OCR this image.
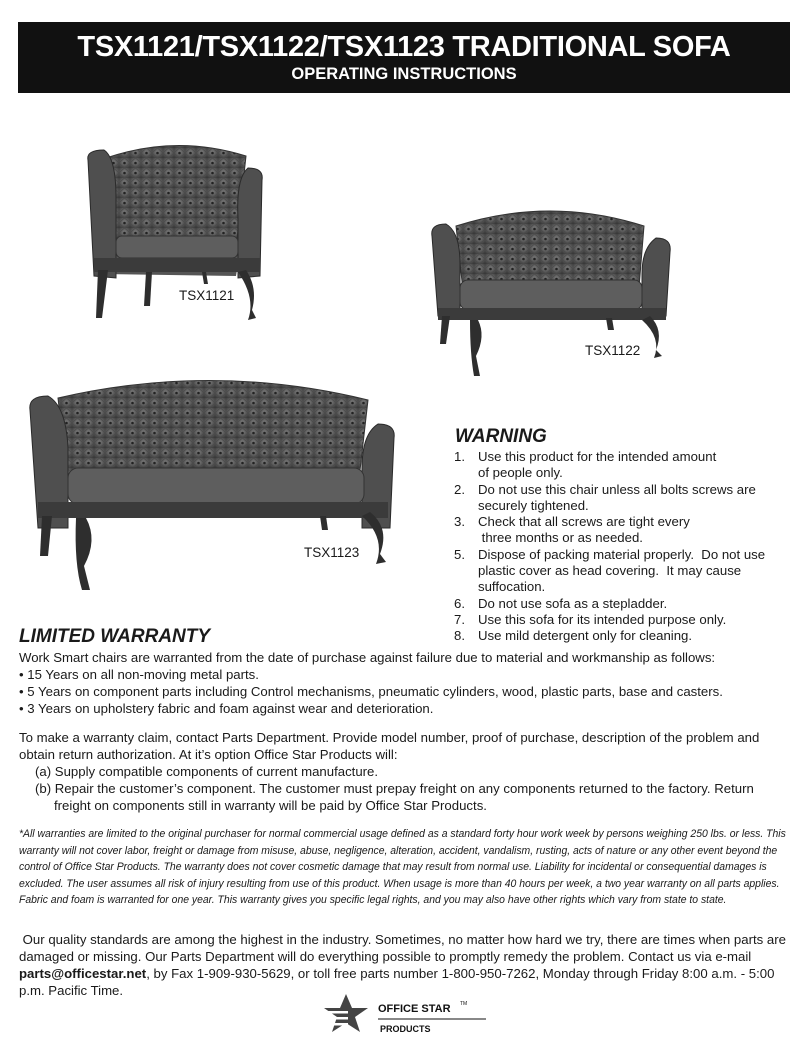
TSX1121/TSX1122/TSX1123 TRADITIONAL SOFA
OPERATING INSTRUCTIONS
TSX1121
TSX1122
TSX1123
WARNING
1. Use this product for the intended amount
of people only.
2. Do not use this chair unless all bolts screws are
securely tightened.
3. Check that all screws are tight every
three months or as needed.
5. Dispose of packing material properly.  Do not use
plastic cover as head covering.  It may cause
suffocation.
6. Do not use sofa as a stepladder.
7. Use this sofa for its intended purpose only.
8. Use mild detergent only for cleaning.
LIMITED WARRANTY

Work Smart chairs are warranted from the date of purchase against failure due to material and workmanship as follows:

• 15 Years on all non-moving metal parts.
• 5 Years on component parts including Control mechanisms, pneumatic cylinders, wood, plastic parts, base and casters.
• 3 Years on upholstery fabric and foam against wear and deterioration.

To make a warranty claim, contact Parts Department. Provide model number, proof of purchase, description of the problem and obtain return authorization. At it’s option Office Star Products will:

(a) Supply compatible components of current manufacture.

(b) Repair the customer’s component. The customer must prepay freight on any components returned to the factory. Return

freight on components still in warranty will be paid by Office Star Products.

*All warranties are limited to the original purchaser for normal commercial usage defined as a standard forty hour work week by persons weighing 250 lbs. or less. This warranty will not cover labor, freight or damage from misuse, abuse, negligence, alteration, accident, vandalism, rusting, acts of nature or any other event beyond the control of Office Star Products. The warranty does not cover cosmetic damage that may result from normal use. Liability for incidental or consequential damages is excluded. The user assumes all risk of injury resulting from use of this product. When usage is more than 40 hours per week, a two year warranty on all parts applies. Fabric and foam is warranted for one year. This warranty gives you specific legal rights, and you may also have other rights which vary from state to state.
Our quality standards are among the highest in the industry. Sometimes, no matter how hard we try, there are times when parts are damaged or missing. Our Parts Department will do everything possible to promptly remedy the problem. Contact us via e-mail parts@officestar.net, by Fax 1-909-930-5629, or toll free parts number 1-800-950-7262, Monday through Friday 8:00 a.m. - 5:00 p.m. Pacific Time.
OFFICE STAR TM
PRODUCTS
